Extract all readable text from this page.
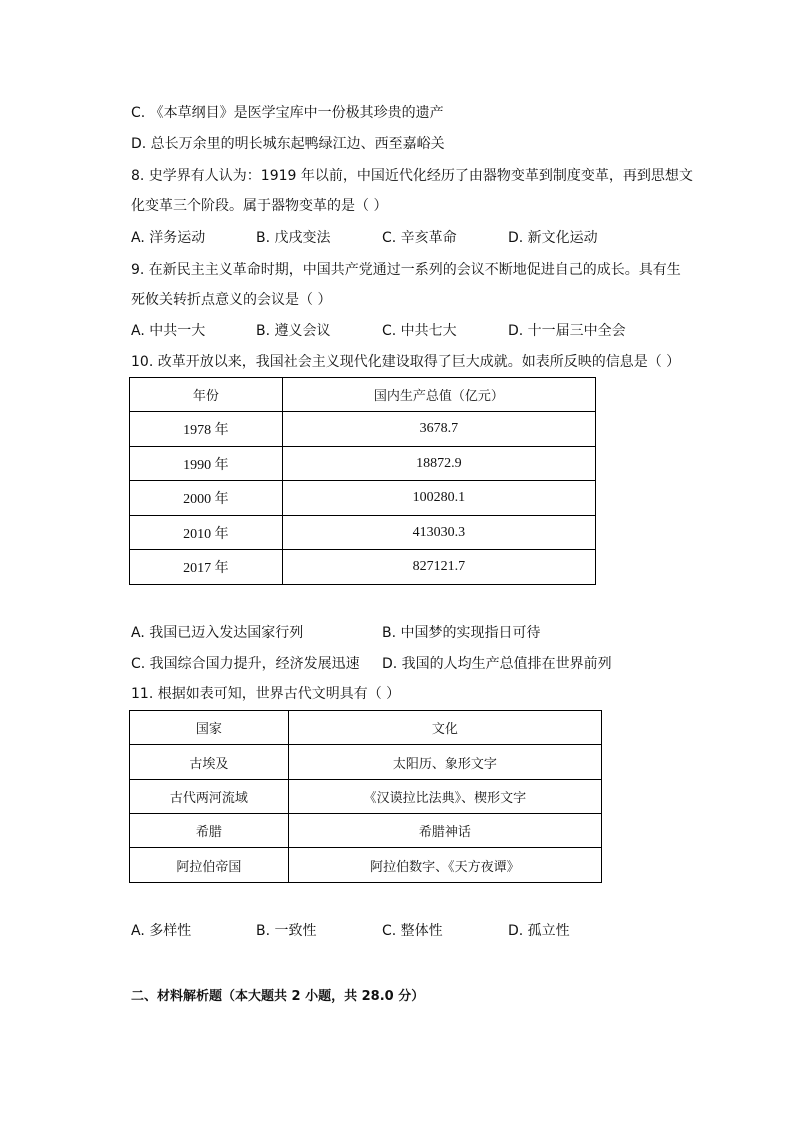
C. 《本草纲目》是医学宝库中一份极其珍贵的遗产
D. 总长万余里的明长城东起鸭绿江边、西至嘉峪关
8. 史学界有人认为：1919 年以前，中国近代化经历了由器物变革到制度变革，再到思想文
化变革三个阶段。属于器物变革的是（ ）
A. 洋务运动	B. 戊戌变法	C. 辛亥革命	D. 新文化运动
9. 在新民主主义革命时期，中国共产党通过一系列的会议不断地促进自己的成长。具有生
死攸关转折点意义的会议是（ ）
A. 中共一大	B. 遵义会议	C. 中共七大	D. 十一届三中全会
10. 改革开放以来，我国社会主义现代化建设取得了巨大成就。如表所反映的信息是（ ）
年份	国内生产总值（亿元）
1978 年	3678.7
1990 年	18872.9
2000 年	100280.1
2010 年	413030.3
2017 年	827121.7
A. 我国已迈入发达国家行列	B. 中国梦的实现指日可待
C. 我国综合国力提升，经济发展迅速 D. 我国的人均生产总值排在世界前列
11. 根据如表可知，世界古代文明具有（ ）
国家	文化
古埃及	太阳历、象形文字
古代两河流域	《汉谟拉比法典》、楔形文字
希腊	希腊神话
阿拉伯帝国	阿拉伯数字、《天方夜谭》
A. 多样性	B. 一致性	C. 整体性	D. 孤立性
二、材料解析题（本大题共 2 小题，共 28.0 分）
